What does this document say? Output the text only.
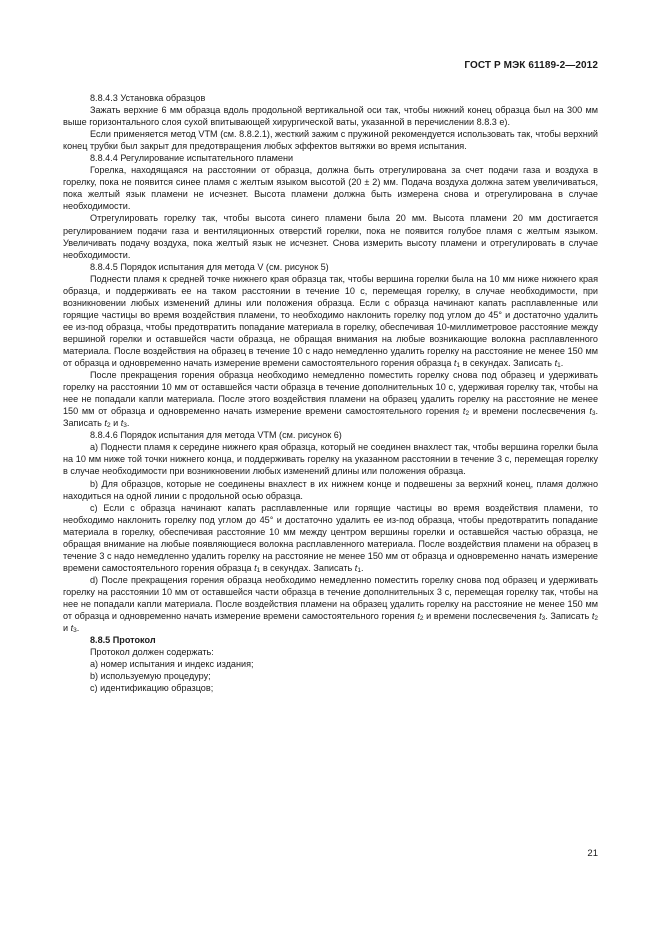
ГОСТ Р МЭК 61189-2—2012

8.8.4.3 Установка образцов

Зажать верхние 6 мм образца вдоль продольной вертикальной оси так, чтобы нижний конец образца был на 300 мм выше горизонтального слоя сухой впитывающей хирургической ваты, указанной в перечислении 8.8.3 e).

Если применяется метод VTM (см. 8.8.2.1), жесткий зажим с пружиной рекомендуется использовать так, чтобы верхний конец трубки был закрыт для предотвращения любых эффектов вытяжки во время испытания.

8.8.4.4 Регулирование испытательного пламени

Горелка, находящаяся на расстоянии от образца, должна быть отрегулирована за счет подачи газа и воздуха в горелку, пока не появится синее пламя с желтым языком высотой (20 ± 2) мм. Подача воздуха должна затем увеличиваться, пока желтый язык пламени не исчезнет. Высота пламени должна быть измерена снова и отрегулирована в случае необходимости.

Отрегулировать горелку так, чтобы высота синего пламени была 20 мм. Высота пламени 20 мм достигается регулированием подачи газа и вентиляционных отверстий горелки, пока не появится голубое пламя с желтым языком. Увеличивать подачу воздуха, пока желтый язык не исчезнет. Снова измерить высоту пламени и отрегулировать в случае необходимости.

8.8.4.5 Порядок испытания для метода V (см. рисунок 5)

Поднести пламя к средней точке нижнего края образца так, чтобы вершина горелки была на 10 мм ниже нижнего края образца, и поддерживать ее на таком расстоянии в течение 10 с, перемещая горелку, в случае необходимости, при возникновении любых изменений длины или положения образца. Если с образца начинают капать расплавленные или горящие частицы во время воздействия пламени, то необходимо наклонить горелку под углом до 45° и достаточно удалить ее из-под образца, чтобы предотвратить попадание материала в горелку, обеспечивая 10-миллиметровое расстояние между вершиной горелки и оставшейся части образца, не обращая внимания на любые возникающие волокна расплавленного материала. После воздействия на образец в течение 10 с надо немедленно удалить горелку на расстояние не менее 150 мм от образца и одновременно начать измерение времени самостоятельного горения образца $t_1$ в секундах. Записать $t_1$.

После прекращения горения образца необходимо немедленно поместить горелку снова под образец и удерживать горелку на расстоянии 10 мм от оставшейся части образца в течение дополнительных 10 с, удерживая горелку так, чтобы на нее не попадали капли материала. После этого воздействия пламени на образец удалить горелку на расстояние не менее 150 мм от образца и одновременно начать измерение времени самостоятельного горения $t_2$ и времени послесвечения $t_3$. Записать $t_2$ и $t_3$.

8.8.4.6 Порядок испытания для метода VTM (см. рисунок 6)

a) Поднести пламя к середине нижнего края образца, который не соединен внахлест так, чтобы вершина горелки была на 10 мм ниже той точки нижнего конца, и поддерживать горелку на указанном расстоянии в течение 3 с, перемещая горелку в случае необходимости при возникновении любых изменений длины или положения образца.

b) Для образцов, которые не соединены внахлест в их нижнем конце и подвешены за верхний конец, пламя должно находиться на одной линии с продольной осью образца.

c) Если с образца начинают капать расплавленные или горящие частицы во время воздействия пламени, то необходимо наклонить горелку под углом до 45° и достаточно удалить ее из-под образца, чтобы предотвратить попадание материала в горелку, обеспечивая расстояние 10 мм между центром вершины горелки и оставшейся частью образца, не обращая внимание на любые появляющиеся волокна расплавленного материала. После воздействия пламени на образец в течение 3 с надо немедленно удалить горелку на расстояние не менее 150 мм от образца и одновременно начать измерение времени самостоятельного горения образца $t_1$ в секундах. Записать $t_1$.

d) После прекращения горения образца необходимо немедленно поместить горелку снова под образец и удерживать горелку на расстоянии 10 мм от оставшейся части образца в течение дополнительных 3 с, перемещая горелку так, чтобы на нее не попадали капли материала. После воздействия пламени на образец удалить горелку на расстояние не менее 150 мм от образца и одновременно начать измерение времени самостоятельного горения $t_2$ и времени послесвечения $t_3$. Записать $t_2$ и $t_3$.

8.8.5 Протокол

Протокол должен содержать:

a) номер испытания и индекс издания;

b) используемую процедуру;

c) идентификацию образцов;

21
